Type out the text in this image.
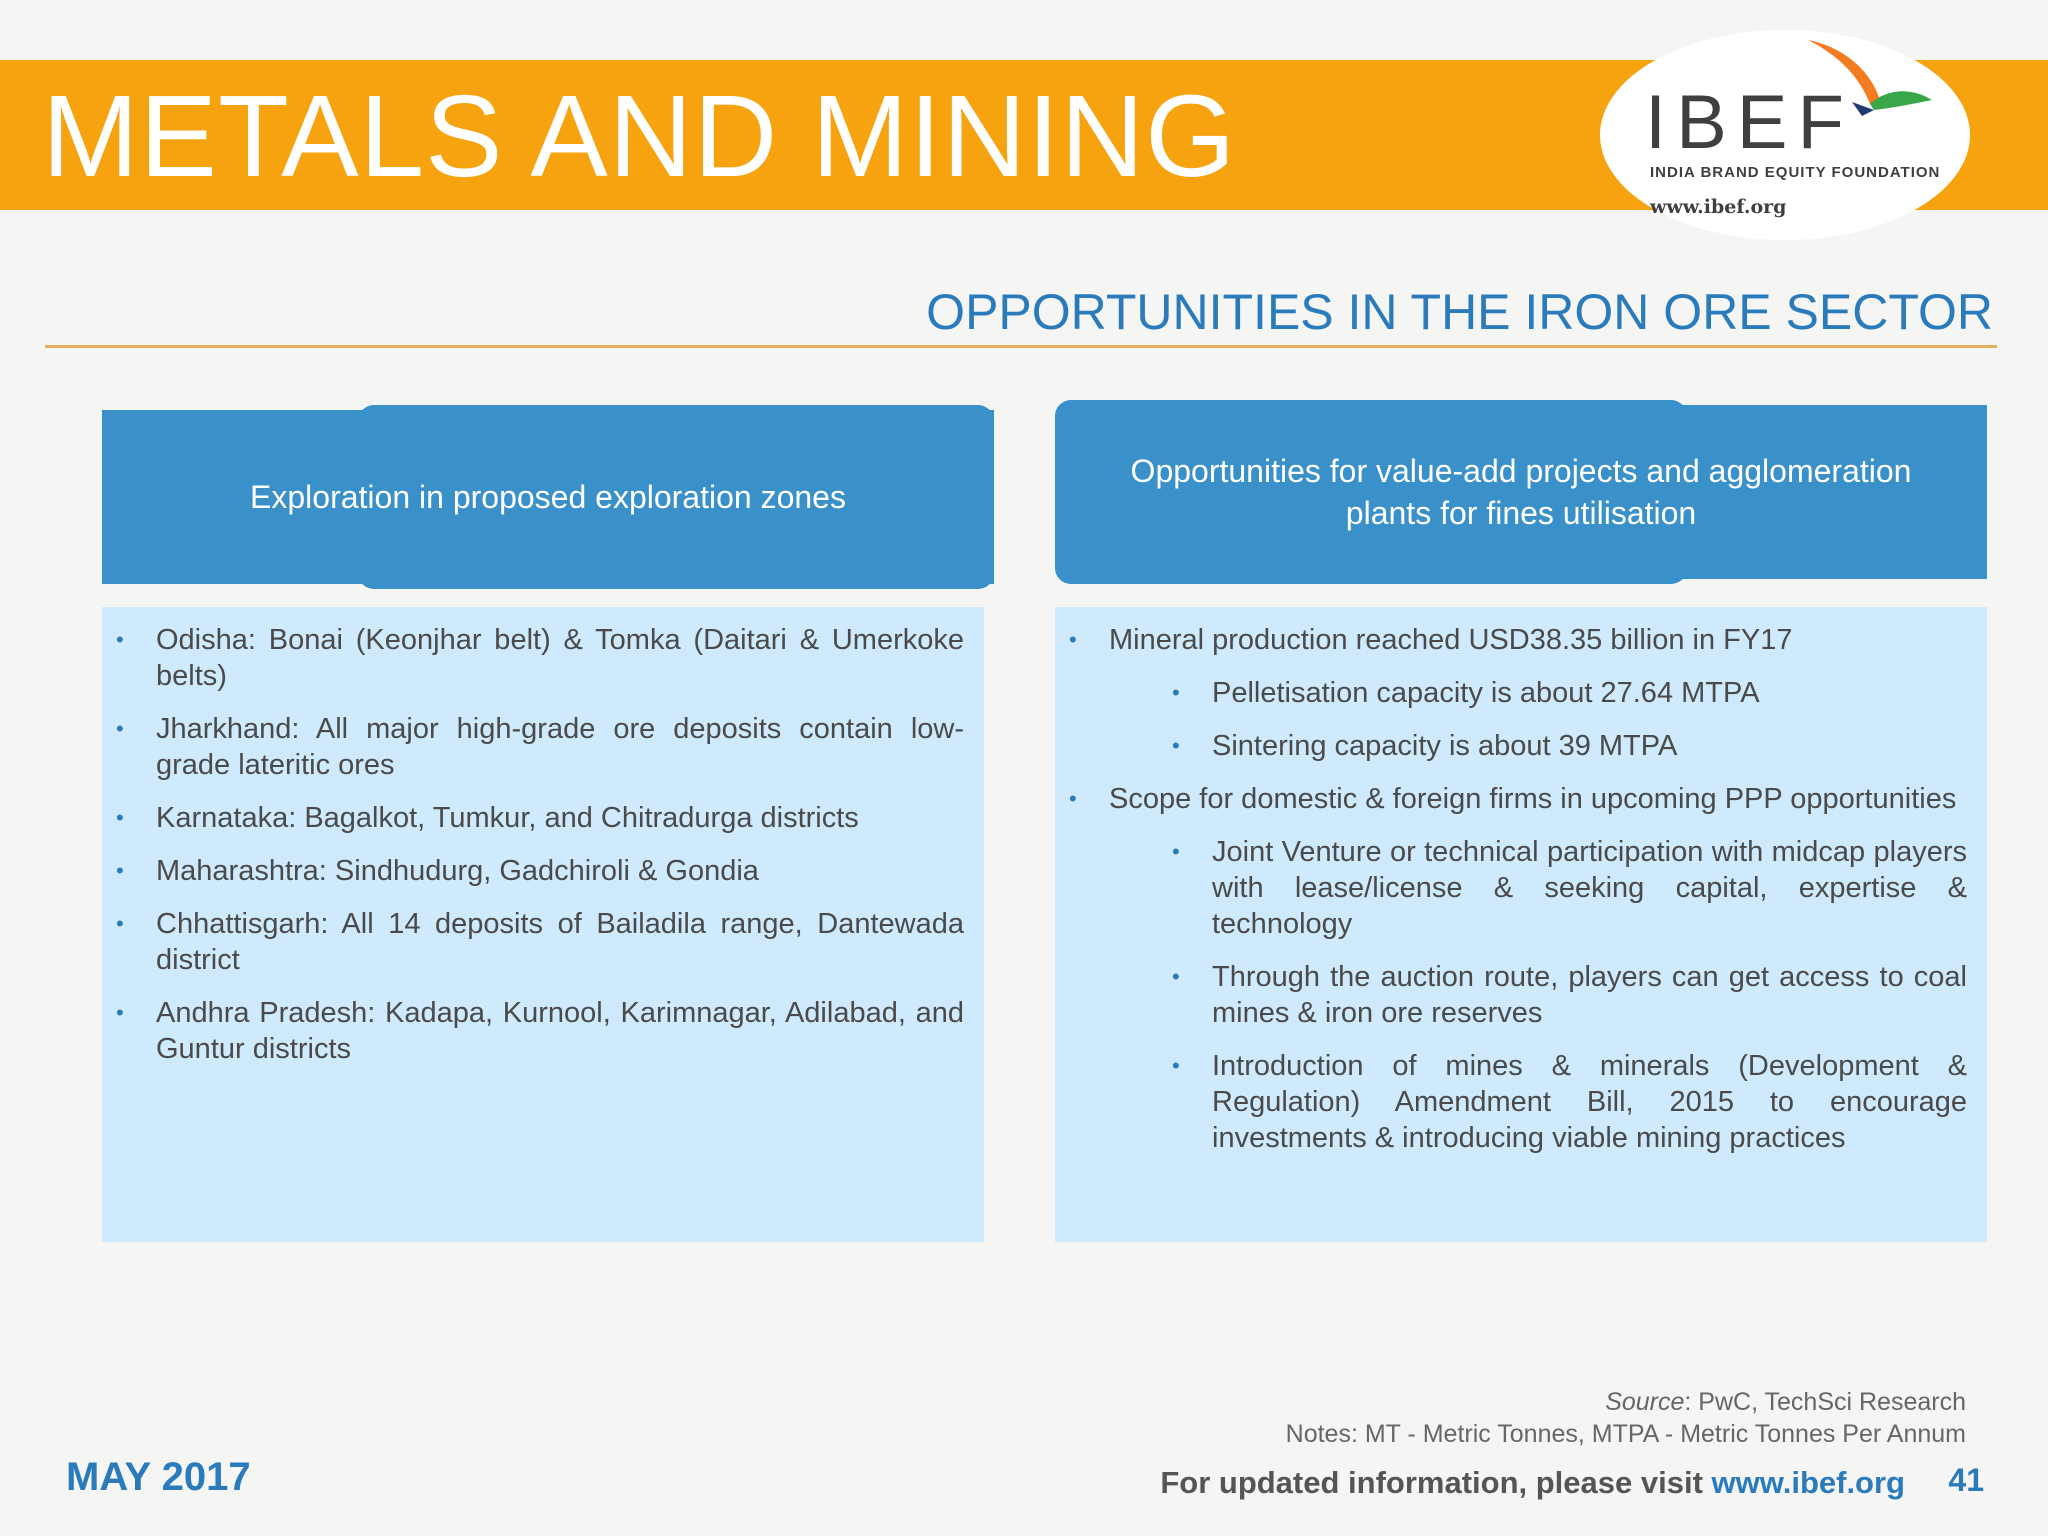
METALS AND MINING	IBEF
INDIA BRAND EQUITY FOUNDATION
www.ibef.org
OPPORTUNITIES IN THE IRON ORE SECTOR
Exploration in proposed exploration zones
Opportunities for value-add projects and agglomeration plants for fines utilisation
• Odisha: Bonai (Keonjhar belt) & Tomka (Daitari & Umerkoke belts)
• Jharkhand: All major high-grade ore deposits contain low-grade lateritic ores
• Karnataka: Bagalkot, Tumkur, and Chitradurga districts
• Maharashtra: Sindhudurg, Gadchiroli & Gondia
• Chhattisgarh: All 14 deposits of Bailadila range, Dantewada district
• Andhra Pradesh: Kadapa, Kurnool, Karimnagar, Adilabad, and Guntur districts
• Mineral production reached USD38.35 billion in FY17
• Pelletisation capacity is about 27.64 MTPA
• Sintering capacity is about 39 MTPA
• Scope for domestic & foreign firms in upcoming PPP opportunities
• Joint Venture or technical participation with midcap players with lease/license & seeking capital, expertise & technology
• Through the auction route, players can get access to coal mines & iron ore reserves
• Introduction of mines & minerals (Development & Regulation) Amendment Bill, 2015 to encourage investments & introducing viable mining practices
Source: PwC, TechSci Research
Notes: MT - Metric Tonnes, MTPA - Metric Tonnes Per Annum
MAY 2017	For updated information, please visit www.ibef.org 41
